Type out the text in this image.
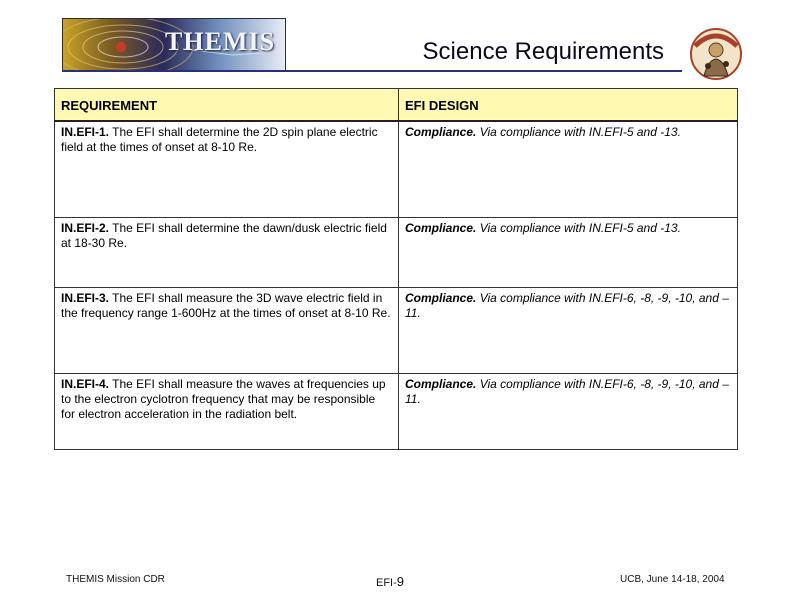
THEMIS	Science Requirements
REQUIREMENT	EFI DESIGN
IN.EFI-1. The EFI shall determine the 2D spin plane electric field at the times of onset at 8-10 Re.	Compliance. Via compliance with IN.EFI-5 and -13.
IN.EFI-2. The EFI shall determine the dawn/dusk electric field at 18-30 Re.	Compliance. Via compliance with IN.EFI-5 and -13.
IN.EFI-3. The EFI shall measure the 3D wave electric field in the frequency range 1-600Hz at the times of onset at 8-10 Re.	Compliance. Via compliance with IN.EFI-6, -8, -9, -10, and –11.
IN.EFI-4. The EFI shall measure the waves at frequencies up to the electron cyclotron frequency that may be responsible for electron acceleration in the radiation belt.	Compliance. Via compliance with IN.EFI-6, -8, -9, -10, and –11.
THEMIS Mission CDR	EFI-9	UCB, June 14-18, 2004
